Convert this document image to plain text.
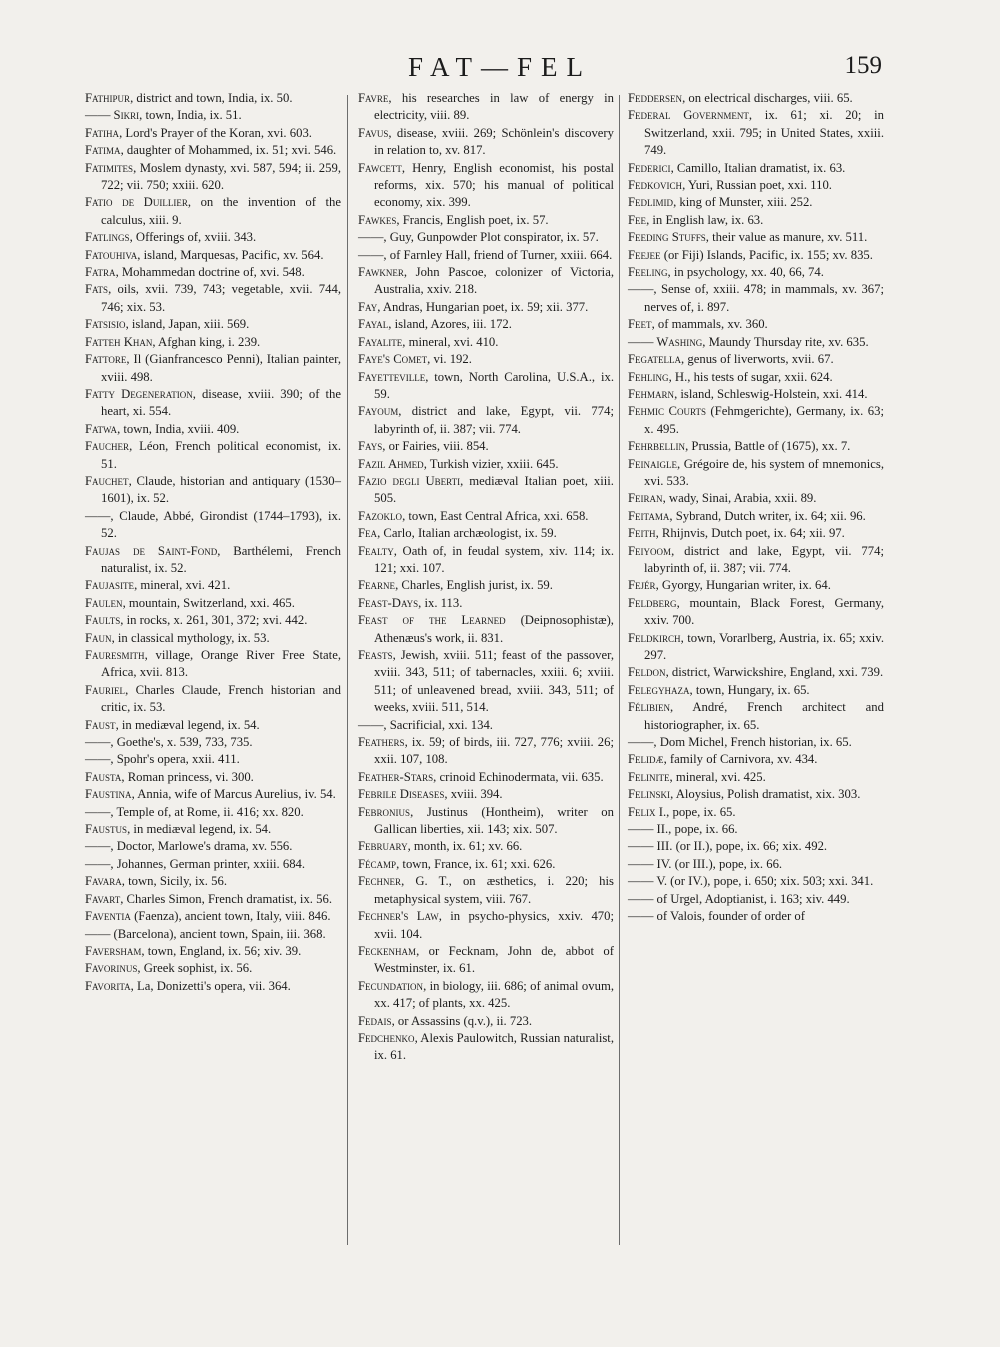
FAT—FEL	159

Fathipur, district and town, India, ix. 50.

—— Sikri, town, India, ix. 51.

Fatiha, Lord's Prayer of the Koran, xvi. 603.

Fatima, daughter of Mohammed, ix. 51; xvi. 546.

Fatimites, Moslem dynasty, xvi. 587, 594; ii. 259, 722; vii. 750; xxiii. 620.

Fatio de Duillier, on the invention of the calculus, xiii. 9.

Fatlings, Offerings of, xviii. 343.

Fatouhiva, island, Marquesas, Pacific, xv. 564.

Fatra, Mohammedan doctrine of, xvi. 548.

Fats, oils, xvii. 739, 743; vegetable, xvii. 744, 746; xix. 53.

Fatsisio, island, Japan, xiii. 569.

Fatteh Khan, Afghan king, i. 239.

Fattore, Il (Gianfrancesco Penni), Italian painter, xviii. 498.

Fatty Degeneration, disease, xviii. 390; of the heart, xi. 554.

Fatwa, town, India, xviii. 409.

Faucher, Léon, French political economist, ix. 51.

Fauchet, Claude, historian and antiquary (1530–1601), ix. 52.

——, Claude, Abbé, Girondist (1744–1793), ix. 52.

Faujas de Saint-Fond, Barthélemi, French naturalist, ix. 52.

Faujasite, mineral, xvi. 421.

Faulen, mountain, Switzerland, xxi. 465.

Faults, in rocks, x. 261, 301, 372; xvi. 442.

Faun, in classical mythology, ix. 53.

Fauresmith, village, Orange River Free State, Africa, xvii. 813.

Fauriel, Charles Claude, French historian and critic, ix. 53.

Faust, in mediæval legend, ix. 54.

——, Goethe's, x. 539, 733, 735.

——, Spohr's opera, xxii. 411.

Fausta, Roman princess, vi. 300.

Faustina, Annia, wife of Marcus Aurelius, iv. 54.

——, Temple of, at Rome, ii. 416; xx. 820.

Faustus, in mediæval legend, ix. 54.

——, Doctor, Marlowe's drama, xv. 556.

——, Johannes, German printer, xxiii. 684.

Favara, town, Sicily, ix. 56.

Favart, Charles Simon, French dramatist, ix. 56.

Faventia (Faenza), ancient town, Italy, viii. 846.

—— (Barcelona), ancient town, Spain, iii. 368.

Faversham, town, England, ix. 56; xiv. 39.

Favorinus, Greek sophist, ix. 56.

Favorita, La, Donizetti's opera, vii. 364.

Favre, his researches in law of energy in electricity, viii. 89.

Favus, disease, xviii. 269; Schönlein's discovery in relation to, xv. 817.

Fawcett, Henry, English economist, his postal reforms, xix. 570; his manual of political economy, xix. 399.

Fawkes, Francis, English poet, ix. 57.

——, Guy, Gunpowder Plot conspirator, ix. 57.

——, of Farnley Hall, friend of Turner, xxiii. 664.

Fawkner, John Pascoe, colonizer of Victoria, Australia, xxiv. 218.

Fay, Andras, Hungarian poet, ix. 59; xii. 377.

Fayal, island, Azores, iii. 172.

Fayalite, mineral, xvi. 410.

Faye's Comet, vi. 192.

Fayetteville, town, North Carolina, U.S.A., ix. 59.

Fayoum, district and lake, Egypt, vii. 774; labyrinth of, ii. 387; vii. 774.

Fays, or Fairies, viii. 854.

Fazil Ahmed, Turkish vizier, xxiii. 645.

Fazio degli Uberti, mediæval Italian poet, xiii. 505.

Fazoklo, town, East Central Africa, xxi. 658.

Fea, Carlo, Italian archæologist, ix. 59.

Fealty, Oath of, in feudal system, xiv. 114; ix. 121; xxi. 107.

Fearne, Charles, English jurist, ix. 59.

Feast-Days, ix. 113.

Feast of the Learned (Deipnosophistæ), Athenæus's work, ii. 831.

Feasts, Jewish, xviii. 511; feast of the passover, xviii. 343, 511; of tabernacles, xxiii. 6; xviii. 511; of unleavened bread, xviii. 343, 511; of weeks, xviii. 511, 514.

——, Sacrificial, xxi. 134.

Feathers, ix. 59; of birds, iii. 727, 776; xviii. 26; xxii. 107, 108.

Feather-Stars, crinoid Echinodermata, vii. 635.

Febrile Diseases, xviii. 394.

Febronius, Justinus (Hontheim), writer on Gallican liberties, xii. 143; xix. 507.

February, month, ix. 61; xv. 66.

Fécamp, town, France, ix. 61; xxi. 626.

Fechner, G. T., on æsthetics, i. 220; his metaphysical system, viii. 767.

Fechner's Law, in psycho-physics, xxiv. 470; xvii. 104.

Feckenham, or Fecknam, John de, abbot of Westminster, ix. 61.

Fecundation, in biology, iii. 686; of animal ovum, xx. 417; of plants, xx. 425.

Fedais, or Assassins (q.v.), ii. 723.

Fedchenko, Alexis Paulowitch, Russian naturalist, ix. 61.

Feddersen, on electrical discharges, viii. 65.

Federal Government, ix. 61; xi. 20; in Switzerland, xxii. 795; in United States, xxiii. 749.

Federici, Camillo, Italian dramatist, ix. 63.

Fedkovich, Yuri, Russian poet, xxi. 110.

Fedlimid, king of Munster, xiii. 252.

Fee, in English law, ix. 63.

Feeding Stuffs, their value as manure, xv. 511.

Feejee (or Fiji) Islands, Pacific, ix. 155; xv. 835.

Feeling, in psychology, xx. 40, 66, 74.

——, Sense of, xxiii. 478; in mammals, xv. 367; nerves of, i. 897.

Feet, of mammals, xv. 360.

—— Washing, Maundy Thursday rite, xv. 635.

Fegatella, genus of liverworts, xvii. 67.

Fehling, H., his tests of sugar, xxii. 624.

Fehmarn, island, Schleswig-Holstein, xxi. 414.

Fehmic Courts (Fehmgerichte), Germany, ix. 63; x. 495.

Fehrbellin, Prussia, Battle of (1675), xx. 7.

Feinaigle, Grégoire de, his system of mnemonics, xvi. 533.

Feiran, wady, Sinai, Arabia, xxii. 89.

Feitama, Sybrand, Dutch writer, ix. 64; xii. 96.

Feith, Rhijnvis, Dutch poet, ix. 64; xii. 97.

Feiyoom, district and lake, Egypt, vii. 774; labyrinth of, ii. 387; vii. 774.

Fejér, Gyorgy, Hungarian writer, ix. 64.

Feldberg, mountain, Black Forest, Germany, xxiv. 700.

Feldkirch, town, Vorarlberg, Austria, ix. 65; xxiv. 297.

Feldon, district, Warwickshire, England, xxi. 739.

Felegyhaza, town, Hungary, ix. 65.

Félibien, André, French architect and historiographer, ix. 65.

——, Dom Michel, French historian, ix. 65.

Felidæ, family of Carnivora, xv. 434.

Felinite, mineral, xvi. 425.

Felinski, Aloysius, Polish dramatist, xix. 303.

Felix I., pope, ix. 65.

—— II., pope, ix. 66.

—— III. (or II.), pope, ix. 66; xix. 492.

—— IV. (or III.), pope, ix. 66.

—— V. (or IV.), pope, i. 650; xix. 503; xxi. 341.

—— of Urgel, Adoptianist, i. 163; xiv. 449.

—— of Valois, founder of order of
